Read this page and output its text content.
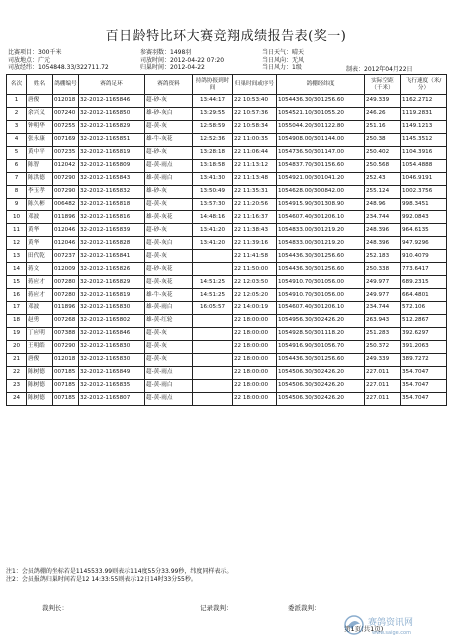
百日龄特比环大赛竞翔成绩报告表(奖一)
比赛项目：300千米
司放地点：广元
司放经纬：1054848.33/322711.72
参赛羽数：1498羽
司放时间：2012-04-22 07:20
归巢时间：2012-04-22
当日天气：晴天
当日风向：无风
当日风力：1级	制表：2012年04月22日
名次	姓名	鸽棚编号	赛鸽足环	赛鸽资料	持鸽协报到时间	归巢时间或序号	鸽棚经纬度	实际空距（千米）	飞行速度（米/分）
1	唐俊	012018	32-2012-1165846	超-砂-灰	13:44:17	22 10:53:40	1054436.30/301256.60	249.339	1162.2712
2	余兴义	007240	32-2012-1165850	雄-砂-灰白	13:29:55	22 10:57:36	1054521.10/301055.20	246.26	1119.2831
3	钟明华	007255	32-2012-1165829	超-黄-灰	12:58:59	22 10:58:34	1055044.20/301122.80	251.16	1149.1213
4	张永康	007169	32-2012-1165851	雄-牛-灰花	12:52:36	22 11:00:35	1054908.00/301144.00	250.38	1145.3512
5	黄中平	007235	32-2012-1165819	超-砂-灰	13:28:18	22 11:06:44	1054736.50/301147.00	250.402	1104.3916
6	陈智	012042	32-2012-1165809	超-黄-雨点	13:18:58	22 11:13:12	1054837.70/301156.60	250.568	1054.4888
7	陈洪德	007290	32-2012-1165843	雄-黄-雨白	13:41:30	22 11:13:48	1054921.00/301041.20	252.43	1046.9191
8	李玉孝	007290	32-2012-1165832	雄-砂-灰	13:50:49	22 11:35:31	1054628.00/300842.00	255.124	1002.3756
9	陈久彬	006482	32-2012-1165818	超-黄-灰	13:57:30	22 11:20:56	1054915.90/301308.90	248.96	998.3451
10	邓波	011896	32-2012-1165816	雄-黄-灰花	14:48:16	22 11:16:37	1054607.40/301206.10	234.744	992.0843
11	黄华	012046	32-2012-1165839	超-砂-灰	13:41:20	22 11:38:43	1054833.00/301219.20	248.396	964.6135
12	黄华	012046	32-2012-1165828	超-黄-灰白	13:41:20	22 11:39:16	1054833.00/301219.20	248.396	947.9296
13	田代乾	007237	32-2012-1165841	超-黄-灰		22 11:41:58	1054436.30/301256.60	252.183	910.4079
14	蒋文	012009	32-2012-1165826	超-砂-灰花		22 11:50:00	1054436.30/301256.60	250.338	773.6417
15	蒋应才	007280	32-2012-1165829	超-黄-灰花	14:51:25	22 12:03:50	1054910.70/301056.00	249.977	689.2315
16	蒋应才	007280	32-2012-1165819	雄-牛-灰花	14:51:25	22 12:05:20	1054910.70/301056.00	249.977	664.4801
17	邓波	011896	32-2012-1165830	雄-黄-雨白	16:05:57	22 14:00:19	1054607.40/301206.10	234.744	572.106
18	赵勇	007268	32-2012-1165802	雄-黄-红轮		22 18:00:00	1054956.30/302426.20	263.943	512.2867
19	丁应明	007388	32-2012-1165846	超-黄-灰		22 18:00:00	1054928.50/301118.20	251.283	392.6297
20	王明皓	007290	32-2012-1165830	超-黄-灰		22 18:00:00	1054916.90/301056.70	250.372	391.2063
21	唐俊	012018	32-2012-1165830	超-黄-灰		22 18:00:00	1054436.30/301256.60	249.339	389.7272
22	陈树德	007185	32-2012-1165849	超-黄-雨点		22 18:00:00	1054506.30/302426.20	227.011	354.7047
23	陈树德	007185	32-2012-1165835	超-黄-雨白		22 18:00:00	1054506.30/302426.20	227.011	354.7047
24	陈树德	007185	32-2012-1165807	超-黄-雨点		22 18:00:00	1054506.30/302426.20	227.011	354.7047
注1：会员鸽棚的坐标若是1145533.99则表示114度55分33.99秒，纬度同样表示。
注2：会员报鸽归巢时间若是12 14:33:55则表示12日14时33分55秒。
裁判长：	记录裁判：	委派裁判：
第1页(共1页)
赛鸽资讯网
www.saige.com
